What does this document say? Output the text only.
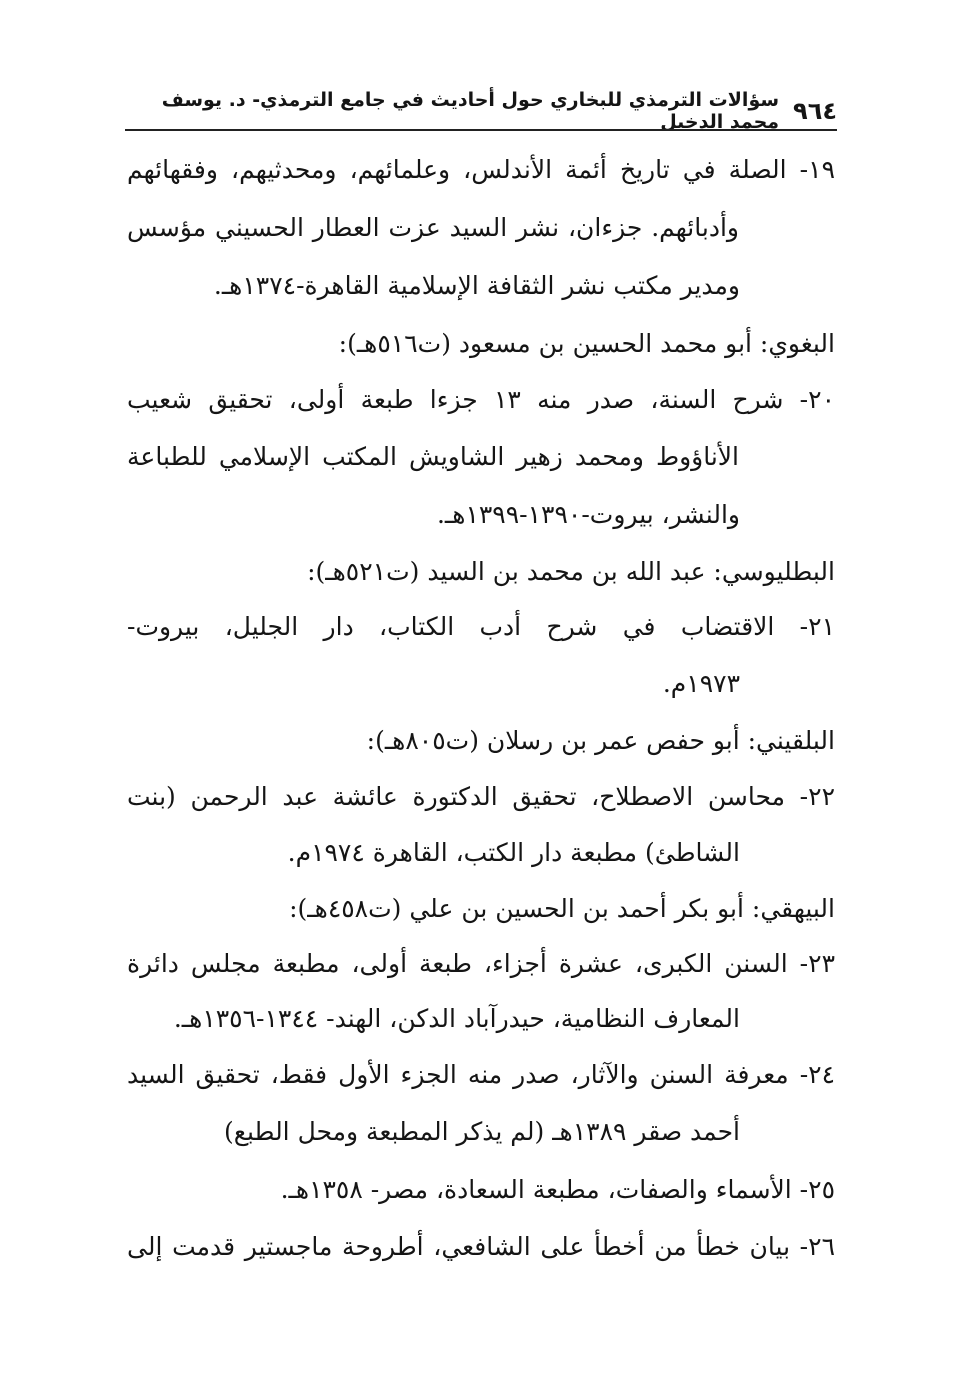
٩٦٤
سؤالات الترمذي للبخاري حول أحاديث في جامع الترمذي- د. يوسف محمد الدخيل
١٩- الصلة في تاريخ أئمة الأندلس، وعلمائهم، ومحدثيهم، وفقهائهم
وأدبائهم. جزءان، نشر السيد عزت العطار الحسيني مؤسس
ومدير مكتب نشر الثقافة الإسلامية القاهرة-١٣٧٤هـ.
البغوي: أبو محمد الحسين بن مسعود (ت٥١٦هـ):
٢٠- شرح السنة، صدر منه ١٣ جزءا طبعة أولى، تحقيق شعيب
الأناؤوط ومحمد زهير الشاويش المكتب الإسلامي للطباعة
والنشر، بيروت-١٣٩٠-١٣٩٩هـ.
البطليوسي: عبد الله بن محمد بن السيد (ت٥٢١هـ):
٢١- الاقتضاب في شرح أدب الكتاب، دار الجليل، بيروت-
١٩٧٣م.
البلقيني: أبو حفص عمر بن رسلان (ت٨٠٥هـ):
٢٢- محاسن الاصطلاح، تحقيق الدكتورة عائشة عبد الرحمن (بنت
الشاطئ) مطبعة دار الكتب، القاهرة ١٩٧٤م.
البيهقي: أبو بكر أحمد بن الحسين بن علي (ت٤٥٨هـ):
٢٣- السنن الكبرى، عشرة أجزاء، طبعة أولى، مطبعة مجلس دائرة
المعارف النظامية، حيدرآباد الدكن، الهند- ١٣٤٤-١٣٥٦هـ.
٢٤- معرفة السنن والآثار، صدر منه الجزء الأول فقط، تحقيق السيد
أحمد صقر ١٣٨٩هـ (لم يذكر المطبعة ومحل الطبع)
٢٥- الأسماء والصفات، مطبعة السعادة، مصر- ١٣٥٨هـ.
٢٦- بيان خطأ من أخطأ على الشافعي، أطروحة ماجستير قدمت إلى
